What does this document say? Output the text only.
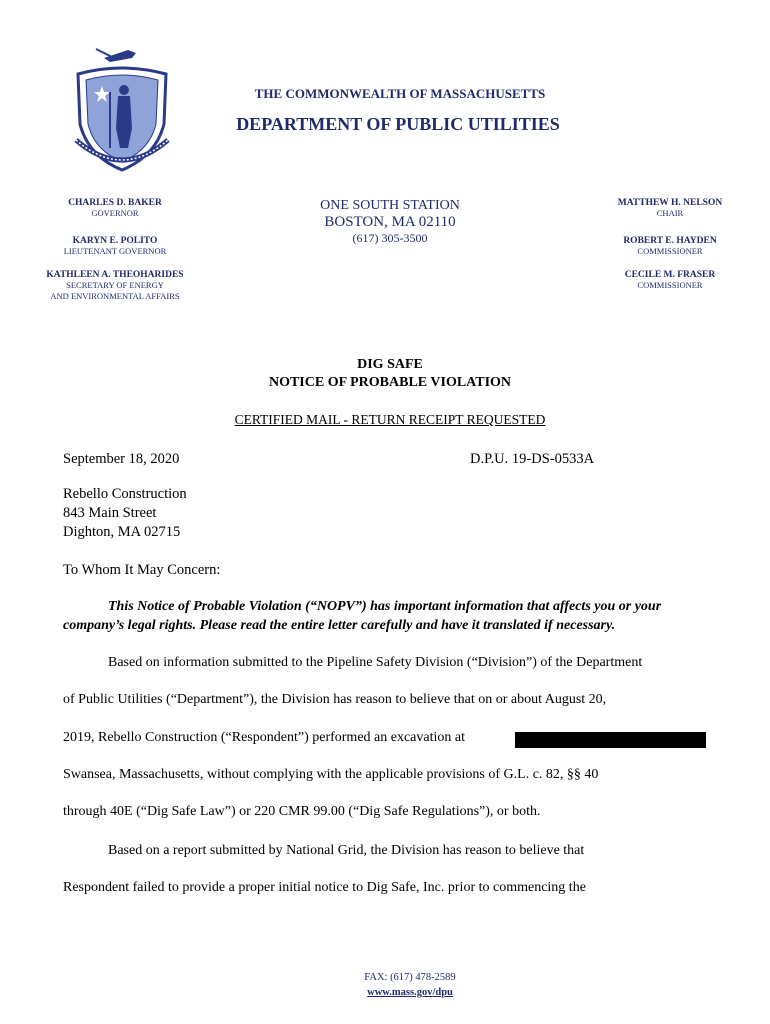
THE COMMONWEALTH OF MASSACHUSETTS
DEPARTMENT OF PUBLIC UTILITIES
CHARLES D. BAKER
GOVERNOR
KARYN E. POLITO
LIEUTENANT GOVERNOR
KATHLEEN A. THEOHARIDES
SECRETARY OF ENERGY
AND ENVIRONMENTAL AFFAIRS
ONE SOUTH STATION
BOSTON, MA 02110
(617) 305-3500
MATTHEW H. NELSON
CHAIR
ROBERT E. HAYDEN
COMMISSIONER
CECILE M. FRASER
COMMISSIONER
DIG SAFE
NOTICE OF PROBABLE VIOLATION
CERTIFIED MAIL - RETURN RECEIPT REQUESTED
September 18, 2020	D.P.U. 19-DS-0533A
Rebello Construction
843 Main Street
Dighton, MA 02715
To Whom It May Concern:
This Notice of Probable Violation (“NOPV”) has important information that affects you or your
company’s legal rights. Please read the entire letter carefully and have it translated if necessary.
Based on information submitted to the Pipeline Safety Division (“Division”) of the Department
of Public Utilities (“Department”), the Division has reason to believe that on or about August 20,
2019, Rebello Construction (“Respondent”) performed an excavation at
Swansea, Massachusetts, without complying with the applicable provisions of G.L. c. 82, §§ 40
through 40E (“Dig Safe Law”) or 220 CMR 99.00 (“Dig Safe Regulations”), or both.
Based on a report submitted by National Grid, the Division has reason to believe that
Respondent failed to provide a proper initial notice to Dig Safe, Inc. prior to commencing the
FAX: (617) 478-2589
www.mass.gov/dpu
